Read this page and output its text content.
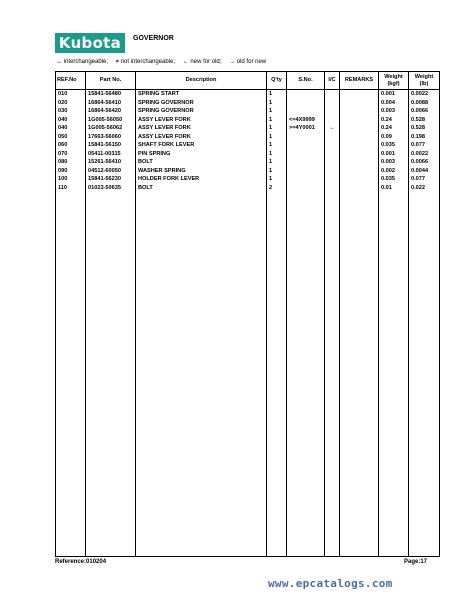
Kubota	GOVERNOR
↔ interchangeable; ≠ not interchangeable; ← new for old; → old for new
REF.No	Part No.	Description	Q'ty	S.No.	I/C	REMARKS	Weight (kgf)	Weight (lb)
010	15841-56480	SPRING START	1				0.001	0.0022
020	16864-56410	SPRING GOVERNOR	1				0.004	0.0088
030	16864-56420	SPRING GOVERNOR	1				0.003	0.0066
040	1G005-56050	ASSY LEVER FORK	1	<=4X9999			0.24	0.528
040	1G005-56062	ASSY LEVER FORK	1	>=4Y0001	←		0.24	0.528
050	17663-56060	ASSY LEVER FORK	1				0.09	0.198
060	15841-56150	SHAFT FORK LEVER	1				0.035	0.077
070	05411-00315	PIN SPRING	1				0.001	0.0022
080	15261-56410	BOLT	1				0.003	0.0066
090	04512-60050	WASHER SPRING	1				0.002	0.0044
100	15841-56230	HOLDER FORK LEVER	1				0.035	0.077
110	01023-50635	BOLT	2				0.01	0.022

Reference:010204	Page:17
www.epcatalogs.com
